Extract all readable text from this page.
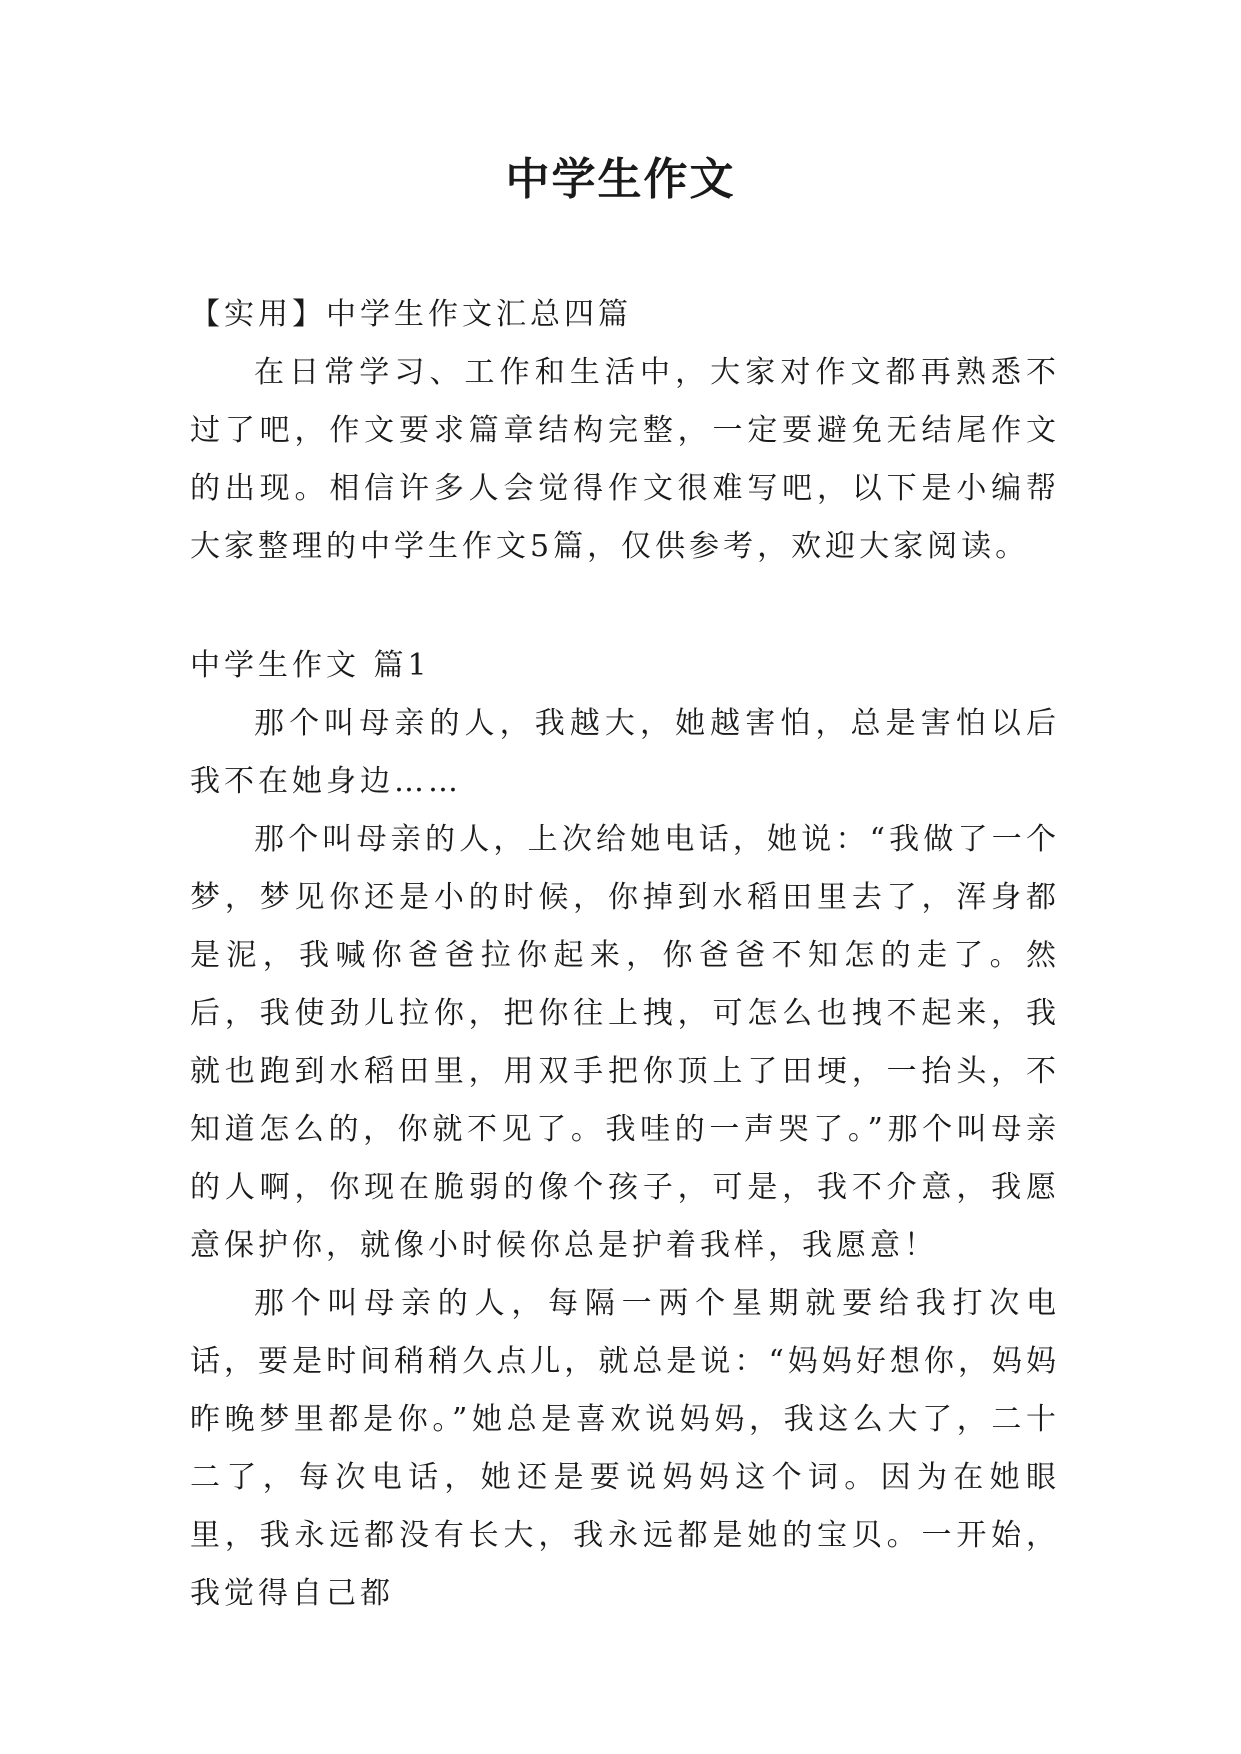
中学生作文

【实用】中学生作文汇总四篇

在日常学习、工作和生活中，大家对作文都再熟悉不过了吧，作文要求篇章结构完整，一定要避免无结尾作文的出现。相信许多人会觉得作文很难写吧，以下是小编帮大家整理的中学生作文5篇，仅供参考，欢迎大家阅读。

中学生作文 篇1

那个叫母亲的人，我越大，她越害怕，总是害怕以后我不在她身边……

那个叫母亲的人，上次给她电话，她说：“我做了一个梦，梦见你还是小的时候，你掉到水稻田里去了，浑身都是泥，我喊你爸爸拉你起来，你爸爸不知怎的走了。然后，我使劲儿拉你，把你往上拽，可怎么也拽不起来，我就也跑到水稻田里，用双手把你顶上了田埂，一抬头，不知道怎么的，你就不见了。我哇的一声哭了。”那个叫母亲的人啊，你现在脆弱的像个孩子，可是，我不介意，我愿意保护你，就像小时候你总是护着我样，我愿意！

那个叫母亲的人，每隔一两个星期就要给我打次电话，要是时间稍稍久点儿，就总是说：“妈妈好想你，妈妈昨晚梦里都是你。”她总是喜欢说妈妈，我这么大了，二十二了，每次电话，她还是要说妈妈这个词。因为在她眼里，我永远都没有长大，我永远都是她的宝贝。一开始，我觉得自己都
